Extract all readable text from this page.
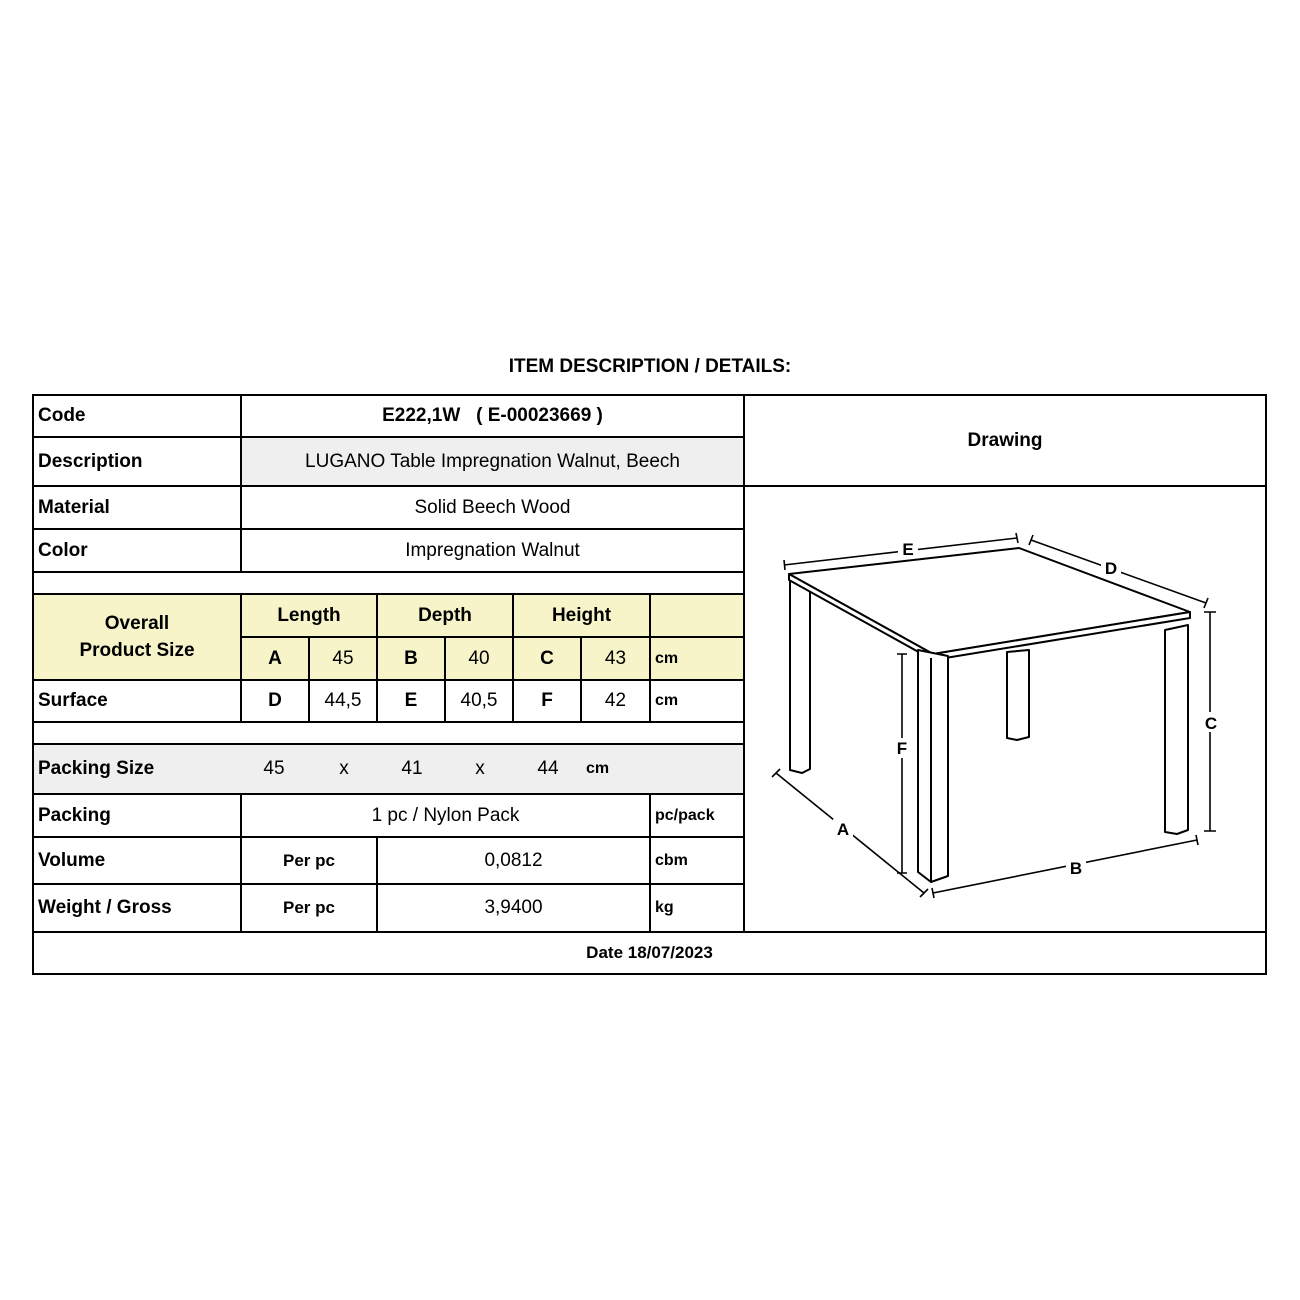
ITEM DESCRIPTION / DETAILS:
Code	E222,1W   ( E-00023669 )
Description	LUGANO Table Impregnation Walnut, Beech
Drawing
Material	Solid Beech Wood
Color	Impregnation Walnut
Overall Product Size
Length	Depth	Height
A	45	B	40	C	43	cm
Surface	D	44,5	E	40,5	F	42	cm
Packing Size	45	x	41	x	44	cm
Packing	1 pc / Nylon Pack	pc/pack
Volume	Per pc	0,0812	cbm
Weight / Gross	Per pc	3,9400	kg
Date 18/07/2023
E
D
C
F
A
B
